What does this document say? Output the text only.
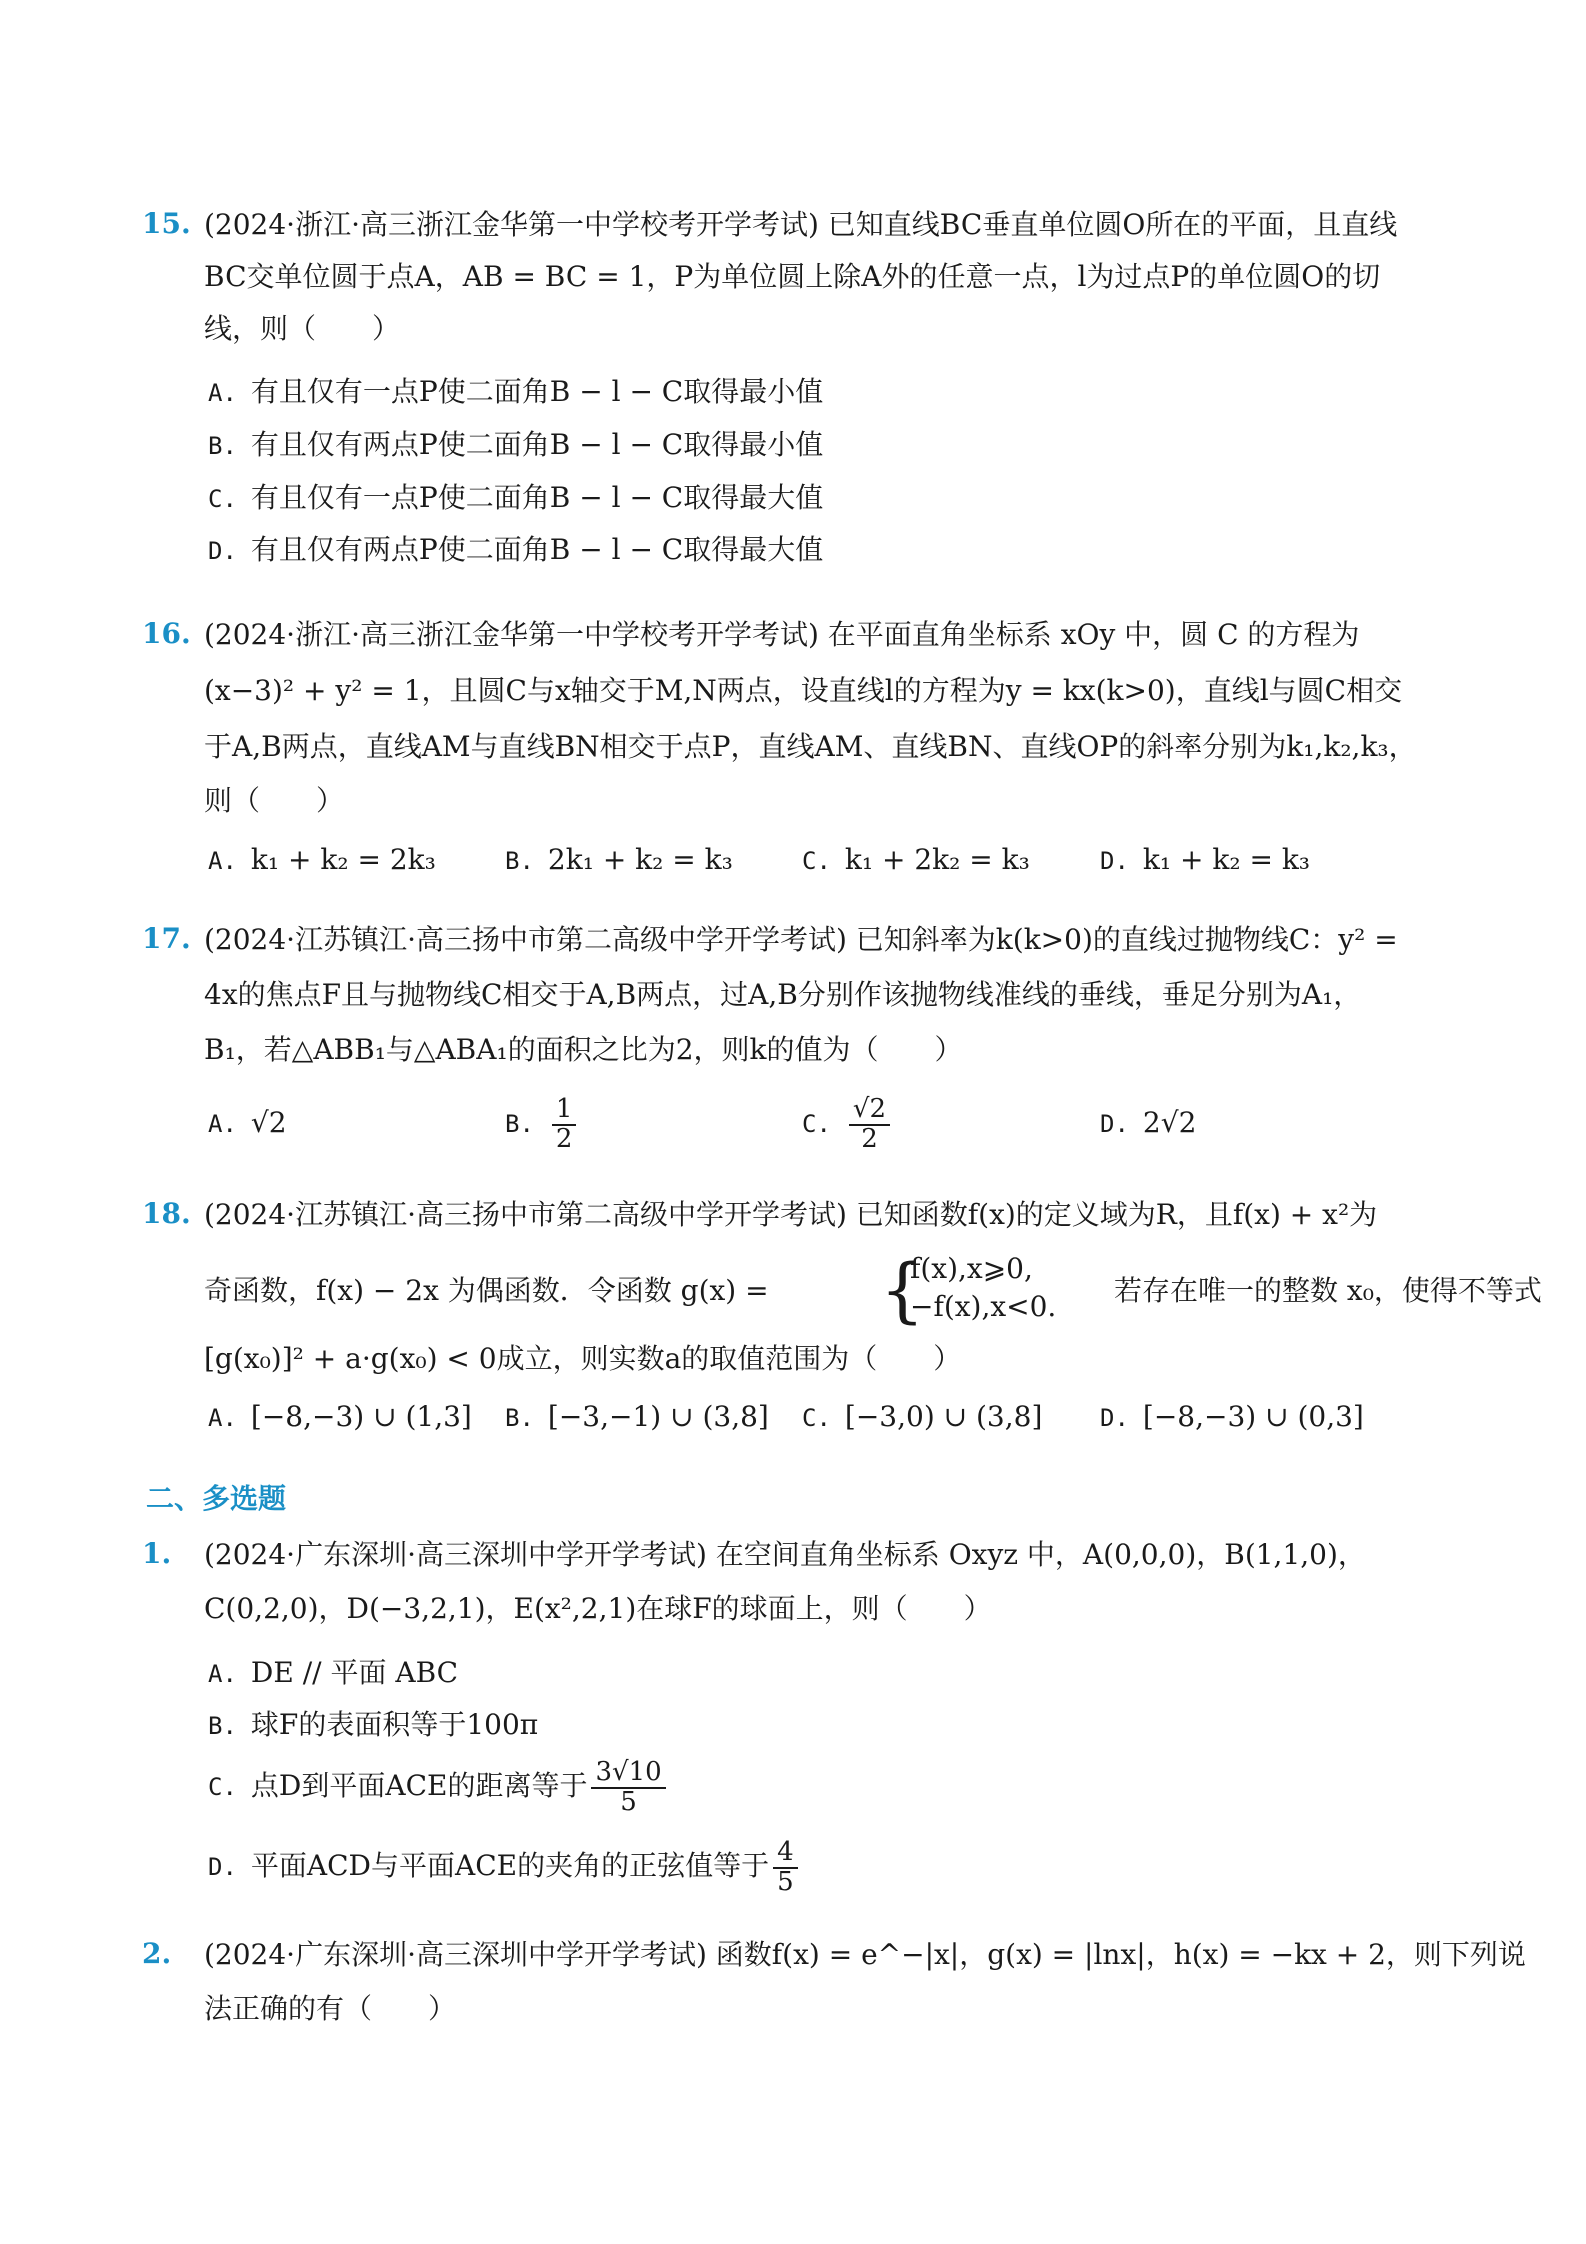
15. (2024·浙江·高三浙江金华第一中学校考开学考试) 已知直线BC垂直单位圆O所在的平面，且直线
BC交单位圆于点A，AB = BC = 1，P为单位圆上除A外的任意一点，l为过点P的单位圆O的切
线，则（　　）
A. 有且仅有一点P使二面角B − l − C取得最小值
B. 有且仅有两点P使二面角B − l − C取得最小值
C. 有且仅有一点P使二面角B − l − C取得最大值
D. 有且仅有两点P使二面角B − l − C取得最大值
16. (2024·浙江·高三浙江金华第一中学校考开学考试) 在平面直角坐标系 xOy 中，圆 C 的方程为
(x−3)² + y² = 1，且圆C与x轴交于M,N两点，设直线l的方程为y = kx(k>0)，直线l与圆C相交
于A,B两点，直线AM与直线BN相交于点P，直线AM、直线BN、直线OP的斜率分别为k₁,k₂,k₃，
则（　　）
A. k₁ + k₂ = 2k₃	B. 2k₁ + k₂ = k₃	C. k₁ + 2k₂ = k₃	D. k₁ + k₂ = k₃
17. (2024·江苏镇江·高三扬中市第二高级中学开学考试) 已知斜率为k(k>0)的直线过抛物线C：y² =
4x的焦点F且与抛物线C相交于A,B两点，过A,B分别作该抛物线准线的垂线，垂足分别为A₁，
B₁，若△ABB₁与△ABA₁的面积之比为2，则k的值为（　　）
A. √2	B. $\frac{1}{2}$	C. $\frac{√2}{2}$	D. 2√2
18. (2024·江苏镇江·高三扬中市第二高级中学开学考试) 已知函数f(x)的定义域为R，且f(x) + x²为
奇函数，f(x) − 2x 为偶函数．令函数 g(x) = {
f(x),x⩾0,
−f(x),x<0. 若存在唯一的整数 x₀，使得不等式
[g(x₀)]² + a·g(x₀) < 0成立，则实数a的取值范围为（　　）
A. [−8,−3) ∪ (1,3] B. [−3,−1) ∪ (3,8] C. [−3,0) ∪ (3,8] D. [−8,−3) ∪ (0,3]
二、多选题
1. (2024·广东深圳·高三深圳中学开学考试) 在空间直角坐标系 Oxyz 中，A(0,0,0)，B(1,1,0)，
C(0,2,0)，D(−3,2,1)，E(x²,2,1)在球F的球面上，则（　　）
A. DE // 平面 ABC
B. 球F的表面积等于100π
C. 点D到平面ACE的距离等于 $\frac{3√10}{5}$
D. 平面ACD与平面ACE的夹角的正弦值等于 $\frac{4}{5}$
2. (2024·广东深圳·高三深圳中学开学考试) 函数f(x) = e^−|x|，g(x) = |lnx|，h(x) = −kx + 2，则下列说
法正确的有（　　）
